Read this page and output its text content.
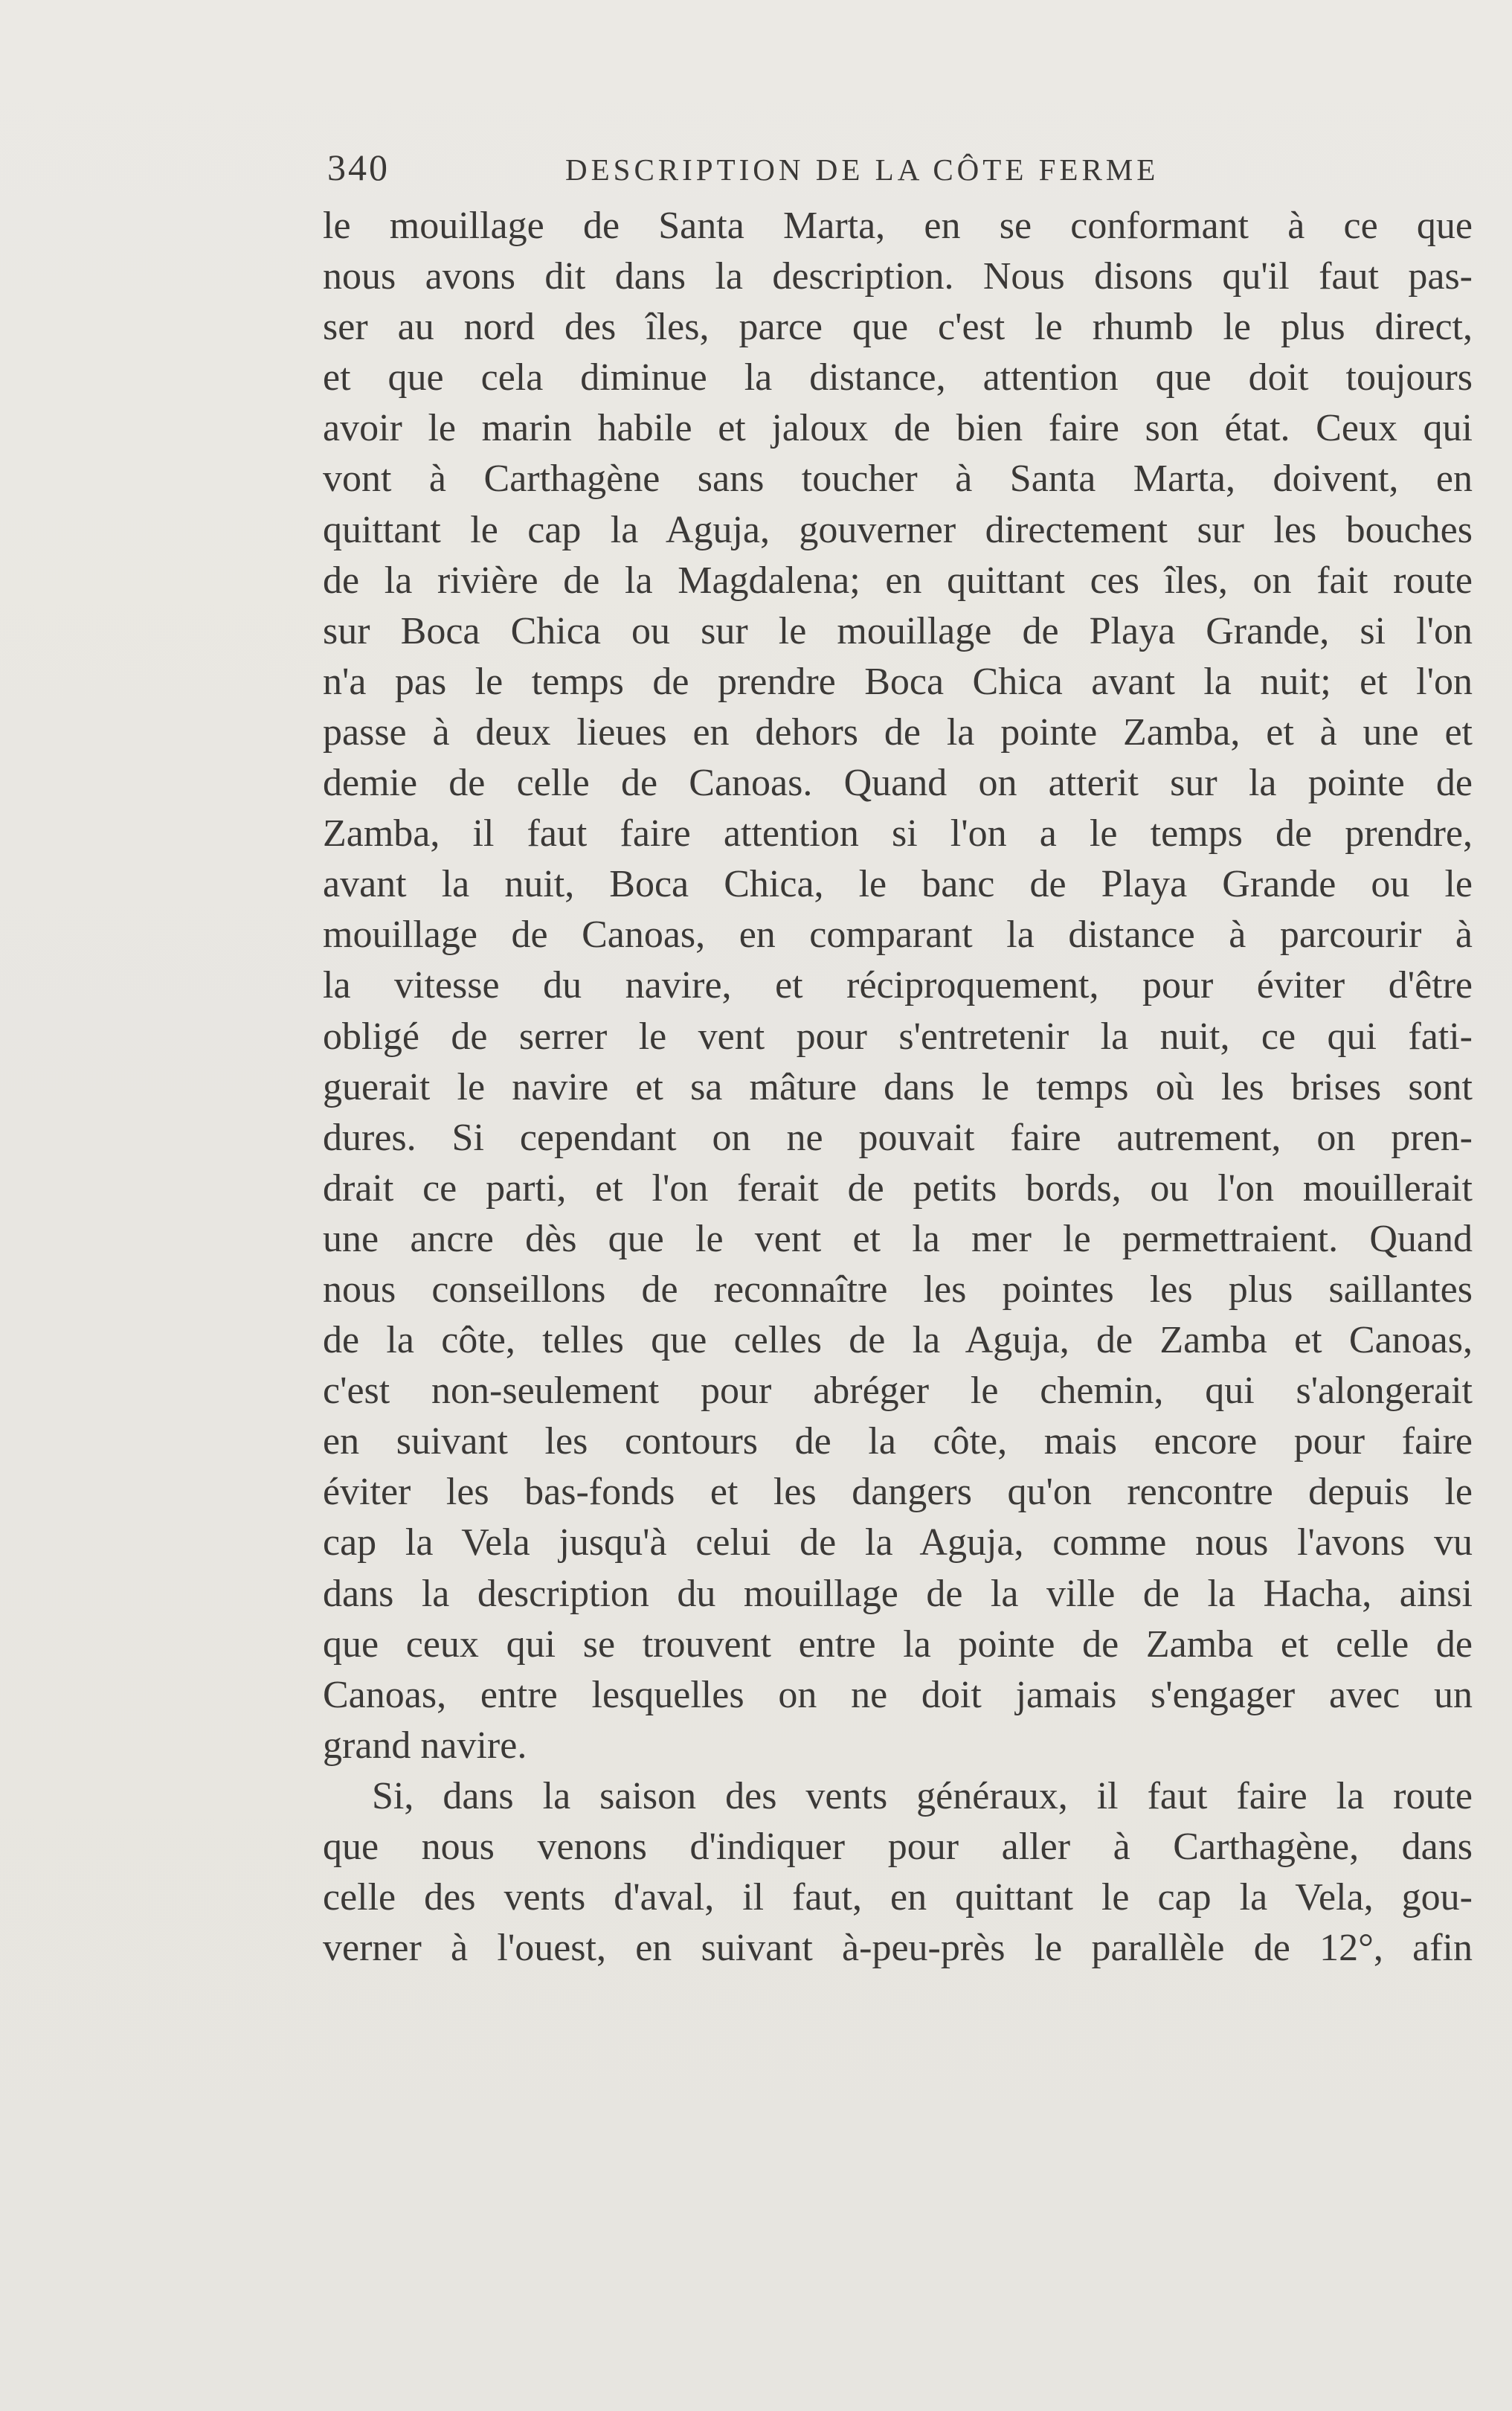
340	DESCRIPTION DE LA CÔTE FERME
le mouillage de Santa Marta, en se conformant à ce que
nous avons dit dans la description. Nous disons qu'il faut pas-
ser au nord des îles, parce que c'est le rhumb le plus direct,
et que cela diminue la distance, attention que doit toujours
avoir le marin habile et jaloux de bien faire son état. Ceux qui
vont à Carthagène sans toucher à Santa Marta, doivent, en
quittant le cap la Aguja, gouverner directement sur les bouches
de la rivière de la Magdalena; en quittant ces îles, on fait route
sur Boca Chica ou sur le mouillage de Playa Grande, si l'on
n'a pas le temps de prendre Boca Chica avant la nuit; et l'on
passe à deux lieues en dehors de la pointe Zamba, et à une et
demie de celle de Canoas. Quand on atterit sur la pointe de
Zamba, il faut faire attention si l'on a le temps de prendre,
avant la nuit, Boca Chica, le banc de Playa Grande ou le
mouillage de Canoas, en comparant la distance à parcourir à
la vitesse du navire, et réciproquement, pour éviter d'être
obligé de serrer le vent pour s'entretenir la nuit, ce qui fati-
guerait le navire et sa mâture dans le temps où les brises sont
dures. Si cependant on ne pouvait faire autrement, on pren-
drait ce parti, et l'on ferait de petits bords, ou l'on mouillerait
une ancre dès que le vent et la mer le permettraient. Quand
nous conseillons de reconnaître les pointes les plus saillantes
de la côte, telles que celles de la Aguja, de Zamba et Canoas,
c'est non-seulement pour abréger le chemin, qui s'alongerait
en suivant les contours de la côte, mais encore pour faire
éviter les bas-fonds et les dangers qu'on rencontre depuis le
cap la Vela jusqu'à celui de la Aguja, comme nous l'avons vu
dans la description du mouillage de la ville de la Hacha, ainsi
que ceux qui se trouvent entre la pointe de Zamba et celle de
Canoas, entre lesquelles on ne doit jamais s'engager avec un
grand navire.
Si, dans la saison des vents généraux, il faut faire la route
que nous venons d'indiquer pour aller à Carthagène, dans
celle des vents d'aval, il faut, en quittant le cap la Vela, gou-
verner à l'ouest, en suivant à-peu-près le parallèle de 12°, afin
